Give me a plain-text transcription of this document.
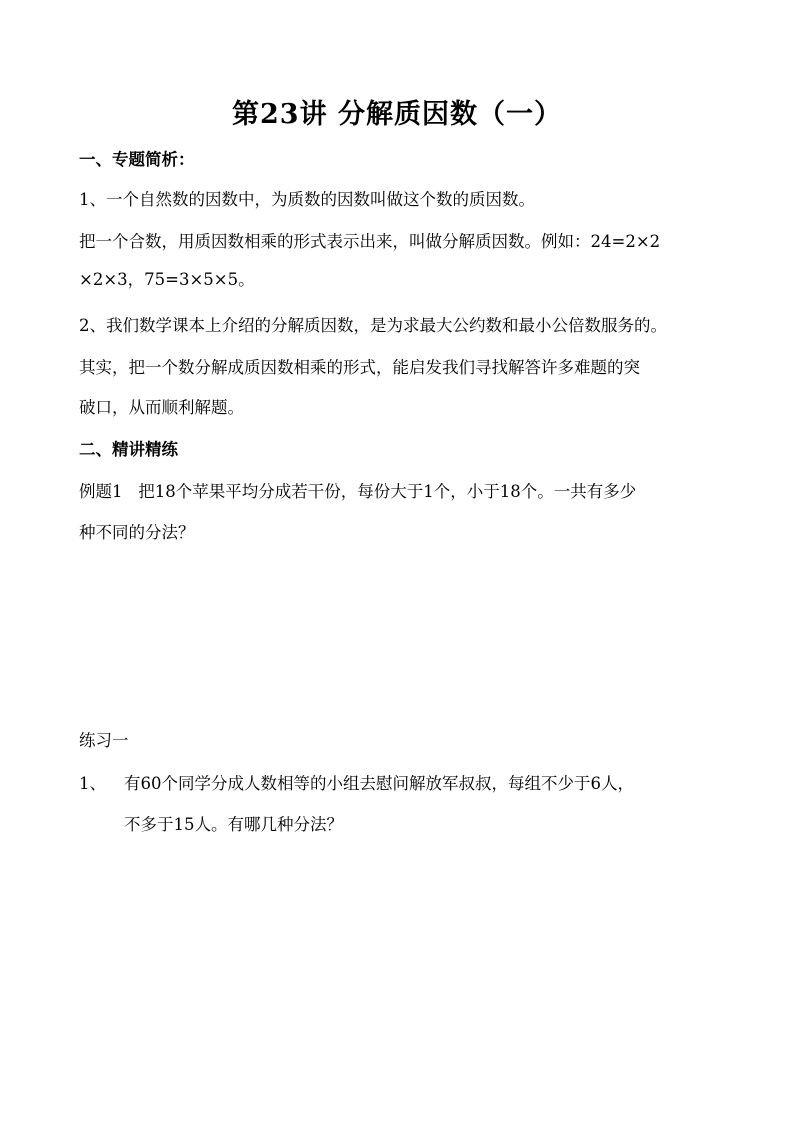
第23讲 分解质因数（一）
一、专题简析：
1、一个自然数的因数中，为质数的因数叫做这个数的质因数。
把一个合数，用质因数相乘的形式表示出来，叫做分解质因数。例如：24=2×2
×2×3，75=3×5×5。
2、我们数学课本上介绍的分解质因数，是为求最大公约数和最小公倍数服务的。
其实，把一个数分解成质因数相乘的形式，能启发我们寻找解答许多难题的突
破口，从而顺利解题。
二、精讲精练
例题1   把18个苹果平均分成若干份，每份大于1个，小于18个。一共有多少
种不同的分法？
练习一
1、	有60个同学分成人数相等的小组去慰问解放军叔叔，每组不少于6人，
不多于15人。有哪几种分法？
